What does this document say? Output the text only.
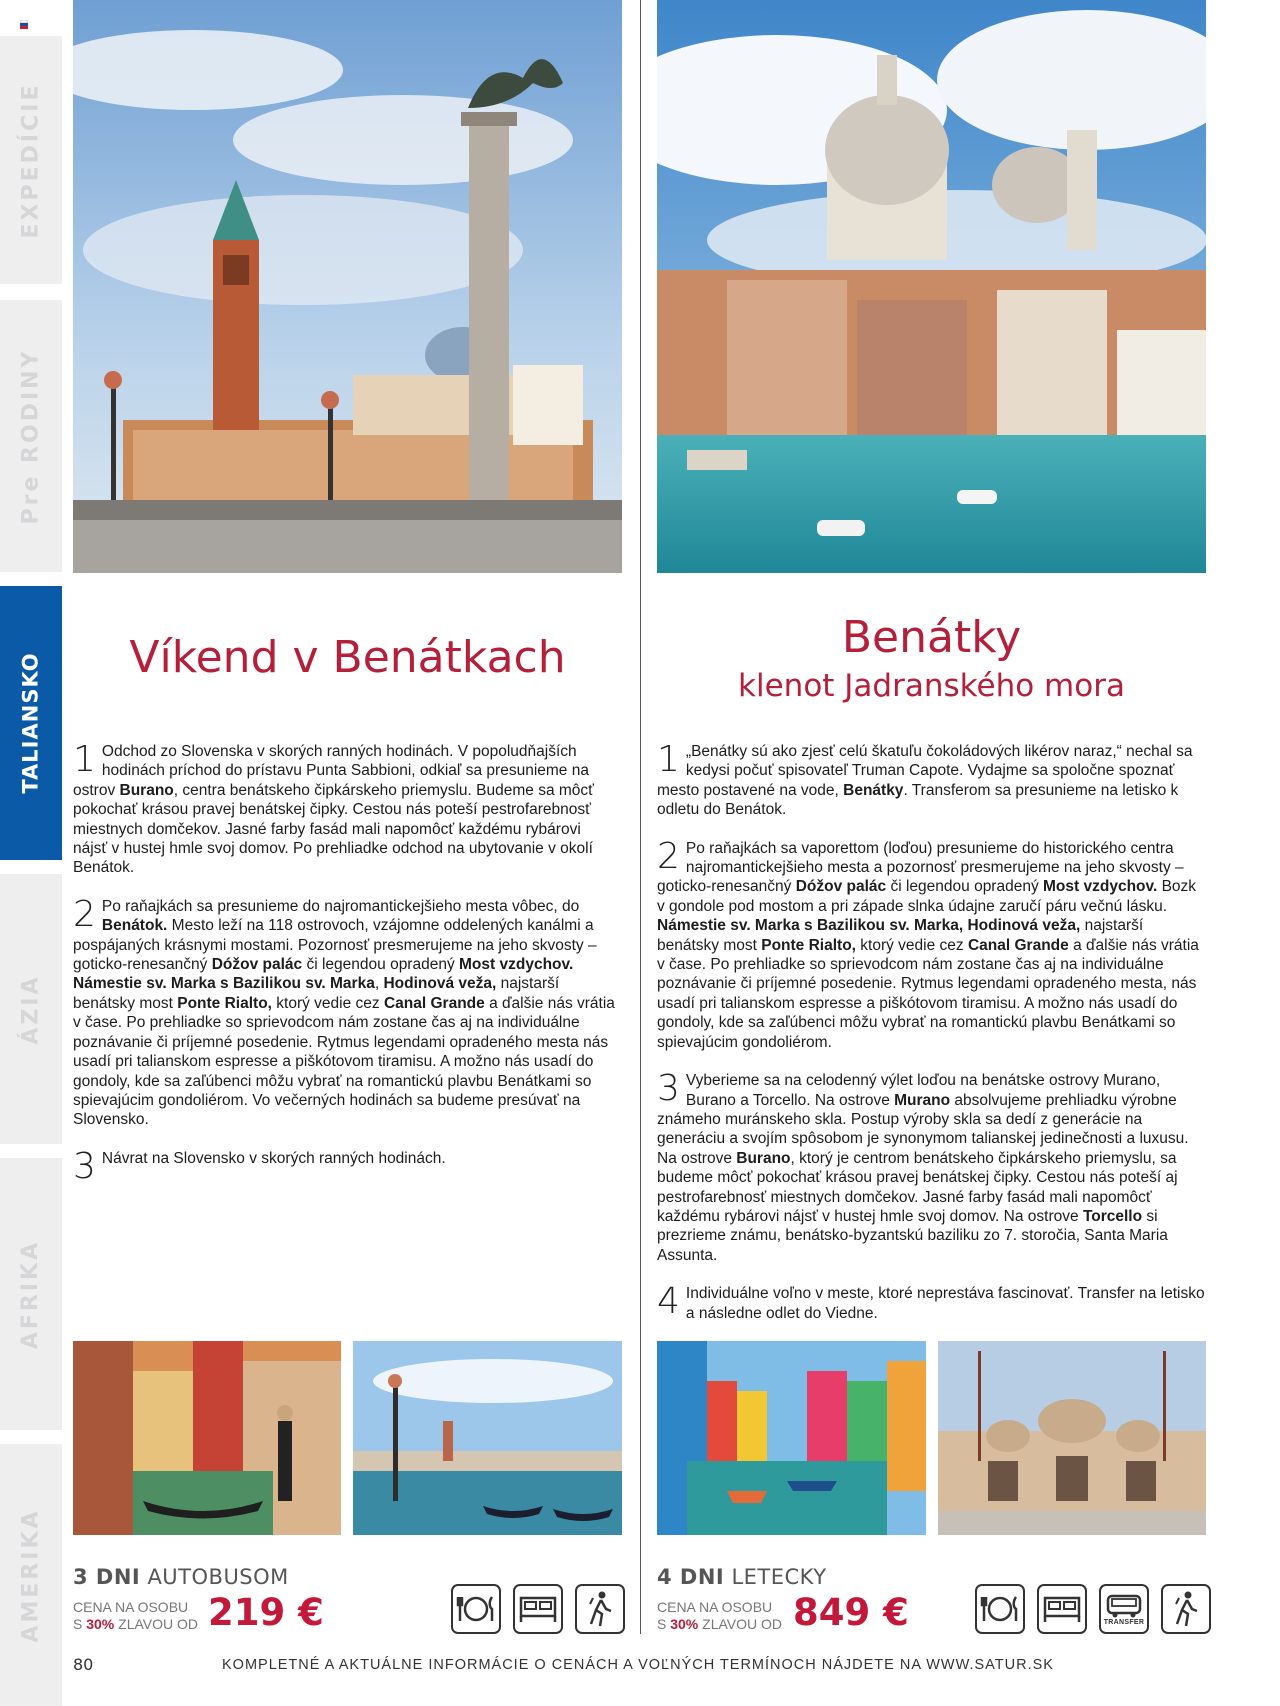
EXPEDÍCIE
Pre RODINY
TALIANSKO
ÁZIA
AFRIKA
AMERIKA
Víkend v Benátkach	Benátky
klenot Jadranského mora
1 Odchod zo Slovenska v skorých ranných hodinách. V popoludňajších hodinách príchod do prístavu Punta Sabbioni, odkiaľ sa presunieme na ostrov Burano, centra benátskeho čipkárskeho priemyslu. Budeme sa môcť pokochať krásou pravej benátskej čipky. Cestou nás poteší pestrofarebnosť miestnych domčekov. Jasné farby fasád mali napomôcť každému rybárovi nájsť v hustej hmle svoj domov. Po prehliadke odchod na ubytovanie v okolí Benátok.
2 Po raňajkách sa presunieme do najromantickejšieho mesta vôbec, do Benátok. Mesto leží na 118 ostrovoch, vzájomne oddelených kanálmi a pospájaných krásnymi mostami. Pozornosť presmerujeme na jeho skvosty – goticko-renesančný Dóžov palác či legendou opradený Most vzdychov. Námestie sv. Marka s Bazilikou sv. Marka, Hodinová veža, najstarší benátsky most Ponte Rialto, ktorý vedie cez Canal Grande a ďalšie nás vrátia v čase. Po prehliadke so sprievodcom nám zostane čas aj na individuálne poznávanie či príjemné posedenie. Rytmus legendami opradeného mesta nás usadí pri talianskom espresse a piškótovom tiramisu. A možno nás usadí do gondoly, kde sa zaľúbenci môžu vybrať na romantickú plavbu Benátkami so spievajúcim gondoliérom. Vo večerných hodinách sa budeme presúvať na Slovensko.
3 Návrat na Slovensko v skorých ranných hodinách.
1 „Benátky sú ako zjesť celú škatuľu čokoládových likérov naraz,“ nechal sa kedysi počuť spisovateľ Truman Capote. Vydajme sa spoločne spoznať mesto postavené na vode, Benátky. Transferom sa presunieme na letisko k odletu do Benátok.
2 Po raňajkách sa vaporettom (loďou) presunieme do historického centra najromantickejšieho mesta a pozornosť presmerujeme na jeho skvosty – goticko-renesančný Dóžov palác či legendou opradený Most vzdychov. Bozk v gondole pod mostom a pri západe slnka údajne zaručí páru večnú lásku. Námestie sv. Marka s Bazilikou sv. Marka, Hodinová veža, najstarší benátsky most Ponte Rialto, ktorý vedie cez Canal Grande a ďalšie nás vrátia v čase. Po prehliadke so sprievodcom nám zostane čas aj na individuálne poznávanie či príjemné posedenie. Rytmus legendami opradeného mesta, nás usadí pri talianskom espresse a piškótovom tiramisu. A možno nás usadí do gondoly, kde sa zaľúbenci môžu vybrať na romantickú plavbu Benátkami so spievajúcim gondoliérom.
3 Vyberieme sa na celodenný výlet loďou na benátske ostrovy Murano, Burano a Torcello. Na ostrove Murano absolvujeme prehliadku výrobne známeho muránskeho skla. Postup výroby skla sa dedí z generácie na generáciu a svojím spôsobom je synonymom talianskej jedinečnosti a luxusu. Na ostrove Burano, ktorý je centrom benátskeho čipkárskeho priemyslu, sa budeme môcť pokochať krásou pravej benátskej čipky. Cestou nás poteší aj pestrofarebnosť miestnych domčekov. Jasné farby fasád mali napomôcť každému rybárovi nájsť v hustej hmle svoj domov. Na ostrove Torcello si prezrieme známu, benátsko-byzantskú baziliku zo 7. storočia, Santa Maria Assunta.
4 Individuálne voľno v meste, ktoré neprestáva fascinovať. Transfer na letisko a následne odlet do Viedne.
3 DNI AUTOBUSOM
CENA NA OSOBU
S 30% ZLAVOU OD 219 €
4 DNI LETECKY
CENA NA OSOBU
S 30% ZLAVOU OD 849 €	TRANSFER
80	KOMPLETNÉ A AKTUÁLNE INFORMÁCIE O CENÁCH A VOĽNÝCH TERMÍNOCH NÁJDETE NA WWW.SATUR.SK
